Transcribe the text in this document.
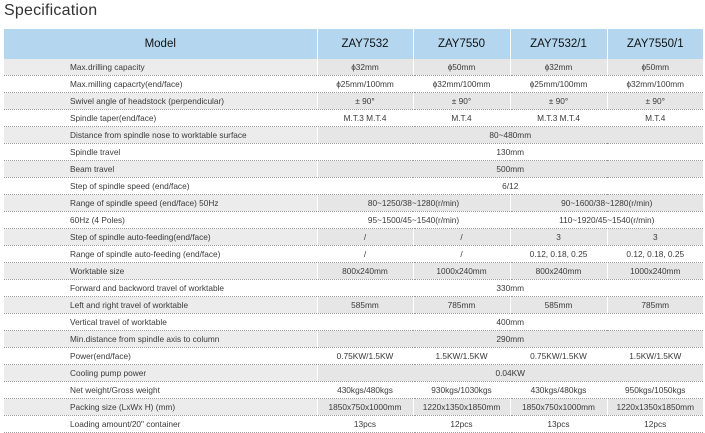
Specification
Model	ZAY7532	ZAY7550	ZAY7532/1	ZAY7550/1
Max.drilling capacity	ɸ32mm	ɸ50mm	ɸ32mm	ɸ50mm
Max.milling capacrty(end/face)	ɸ25mm/100mm	ɸ32mm/100mm	ɸ25mm/100mm	ɸ32mm/100mm
Swivel angle of headstock (perpendicular)	± 90°	± 90°	± 90°	± 90°
Spindle taper(end/face)	M.T.3 M.T.4	M.T.4	M.T.3 M.T.4	M.T.4
Distance from spindle nose to worktable surface	80~480mm			
Spindle travel	130mm			
Beam travel	500mm			
Step of spindle speed (end/face)	6/12			
Range of spindle speed (end/face) 50Hz	80~1250/38~1280(r/min)		90~1600/38~1280(r/min)	
60Hz (4 Poles)	95~1500/45~1540(r/min)		110~1920/45~1540(r/min)	
Step of spindle auto-feeding(end/face)	/	/	3	3
Range of spindle auto-feeding (end/face)	/	/	0.12, 0.18, 0.25	0.12, 0.18, 0.25
Worktable size	800x240mm	1000x240mm	800x240mm	1000x240mm
Forward and backword travel of worktable	330mm			
Left and right travel of worktable	585mm	785mm	585mm	785mm
Vertical travel of worktable	400mm			
Min.distance from spindle axis to column	290mm			
Power(end/face)	0.75KW/1.5KW	1.5KW/1.5KW	0.75KW/1.5KW	1.5KW/1.5KW
Cooling pump power	0.04KW			
Net weight/Gross weight	430kgs/480kgs	930kgs/1030kgs	430kgs/480kgs	950kgs/1050kgs
Packing size (LxWx H) (mm)	1850x750x1000mm	1220x1350x1850mm	1850x750x1000mm	1220x1350x1850mm
Loading amount/20" container	13pcs	12pcs	13pcs	12pcs
